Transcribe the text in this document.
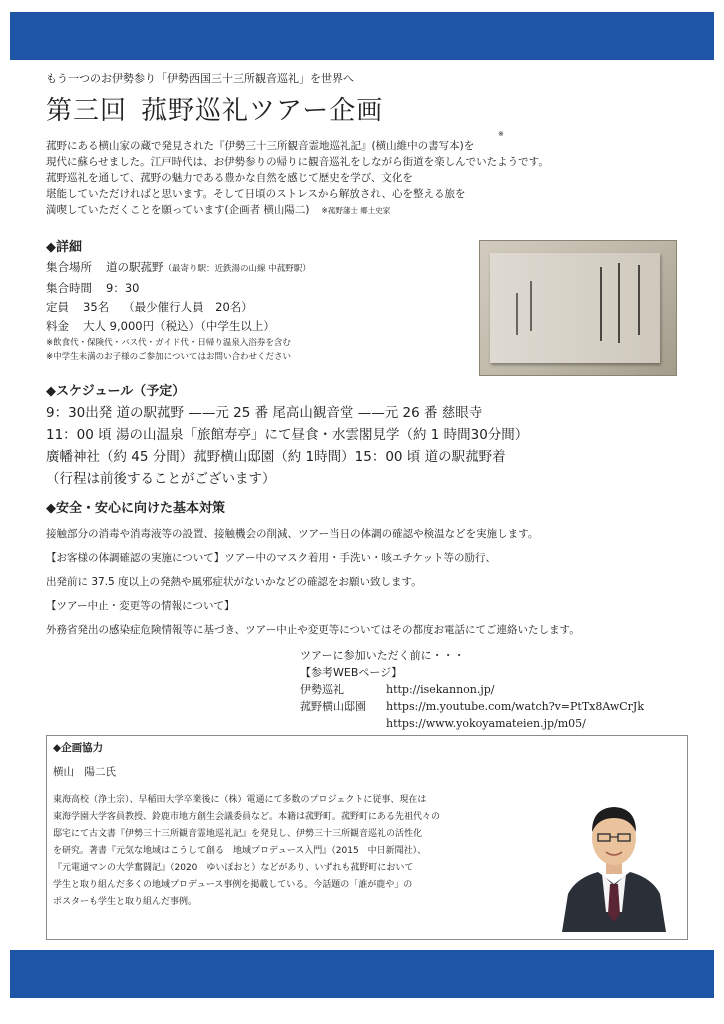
もう一つのお伊勢参り「伊勢西国三十三所観音巡礼」を世界へ
第三回 菰野巡礼ツアー企画
※

菰野にある横山家の蔵で発見された『伊勢三十三所観音霊地巡礼記』(横山維中の書写本)を

現代に蘇らせました。江戸時代は、お伊勢参りの帰りに観音巡礼をしながら街道を楽しんでいたようです。

菰野巡礼を通して、菰野の魅力である豊かな自然を感じて歴史を学び、文化を

堪能していただければと思います。そして日頃のストレスから解放され、心を整える旅を

満喫していただくことを願っています(企画者 横山陽二) ※菰野藩士 郷土史家

◆詳細
集合場所 道の駅菰野（最寄り駅：近鉄湯の山線 中菰野駅）
集合時間 9：30
定員 35名 （最少催行人員　20名）
料金 大人 9,000円（税込）（中学生以上）
※飲食代・保険代・バス代・ガイド代・日帰り温泉入浴券を含む
※中学生未満のお子様のご参加についてはお問い合わせください
◆スケジュール（予定）
9：30出発 道の駅菰野 ——元 25 番 尾高山観音堂 ——元 26 番 慈眼寺
11：00 頃 湯の山温泉「旅館寿亭」にて昼食・水雲閣見学（約 1 時間30分間）
廣幡神社（約 45 分間）菰野横山邸園（約 1時間）15：00 頃 道の駅菰野着
（行程は前後することがございます）
◆安全・安心に向けた基本対策
接触部分の消毒や消毒液等の設置、接触機会の削減、ツアー当日の体調の確認や検温などを実施します。
【お客様の体調確認の実施について】ツアー中のマスク着用・手洗い・咳エチケット等の励行、
出発前に 37.5 度以上の発熱や風邪症状がないかなどの確認をお願い致します。
【ツアー中止・変更等の情報について】
外務省発出の感染症危険情報等に基づき、ツアー中止や変更等についてはその都度お電話にてご連絡いたします。
ツアーに参加いただく前に・・・
【参考WEBページ】
伊勢巡礼	http://isekannon.jp/
菰野横山邸園 https://m.youtube.com/watch?v=PtTx8AwCrJk
https://www.yokoyamateien.jp/m05/
◆企画協力
横山　陽二氏
東海高校（浄土宗）、早稲田大学卒業後に（株）電通にて多数のプロジェクトに従事、現在は
東海学園大学客員教授、鈴鹿市地方創生会議委員など。本籍は菰野町。菰野町にある先祖代々の
邸宅にて古文書『伊勢三十三所観音霊地巡礼記』を発見し、伊勢三十三所観音巡礼の活性化
を研究。著書『元気な地域はこうして創る　地域プロデュース入門』（2015　中日新聞社）、
『元電通マンの大学奮闘記』（2020　ゆいぽおと）などがあり、いずれも菰野町において
学生と取り組んだ多くの地域プロデュース事例を掲載している。今話題の「誰が鹿や」の
ポスターも学生と取り組んだ事例。
